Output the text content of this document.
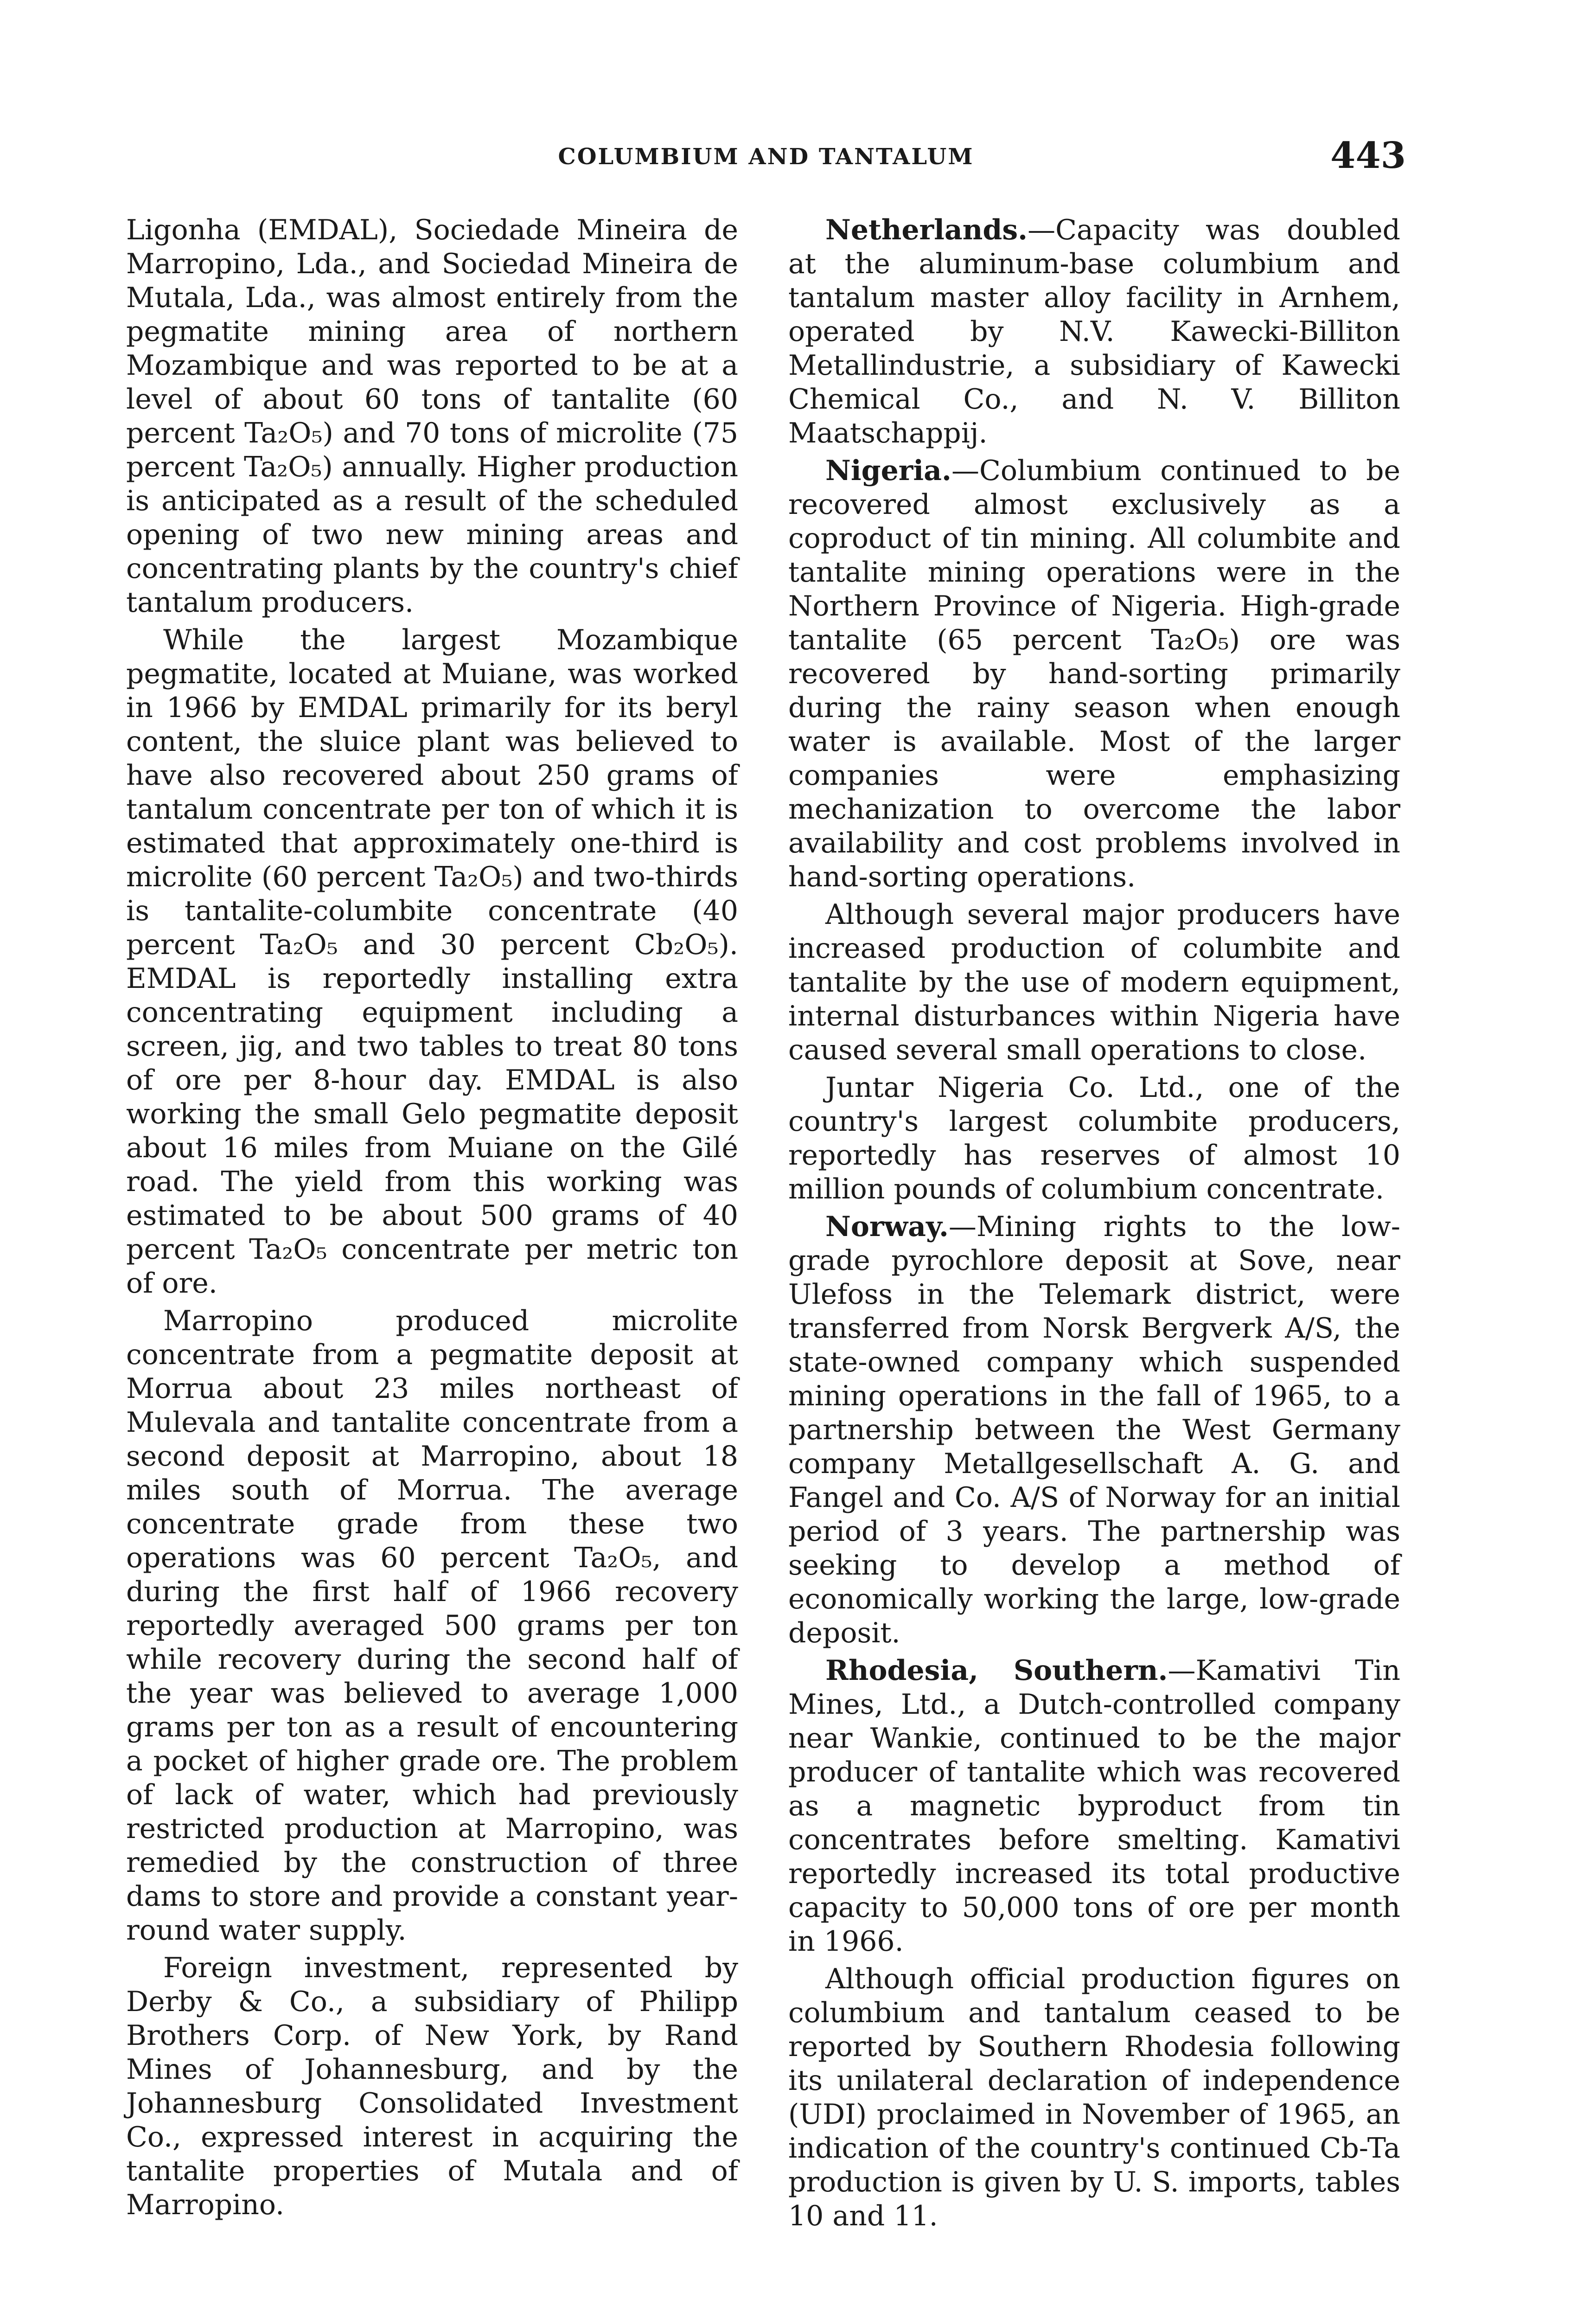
COLUMBIUM AND TANTALUM	443

Ligonha (EMDAL), Sociedade Mineira de Marropino, Lda., and Sociedad Mineira de Mutala, Lda., was almost entirely from the pegmatite mining area of northern Mozambique and was reported to be at a level of about 60 tons of tantalite (60 percent Ta₂O₅) and 70 tons of microlite (75 percent Ta₂O₅) annually. Higher production is anticipated as a result of the scheduled opening of two new mining areas and concentrating plants by the country's chief tantalum producers.

While the largest Mozambique pegmatite, located at Muiane, was worked in 1966 by EMDAL primarily for its beryl content, the sluice plant was believed to have also recovered about 250 grams of tantalum concentrate per ton of which it is estimated that approximately one-third is microlite (60 percent Ta₂O₅) and two-thirds is tantalite-columbite concentrate (40 percent Ta₂O₅ and 30 percent Cb₂O₅). EMDAL is reportedly installing extra concentrating equipment including a screen, jig, and two tables to treat 80 tons of ore per 8-hour day. EMDAL is also working the small Gelo pegmatite deposit about 16 miles from Muiane on the Gilé road. The yield from this working was estimated to be about 500 grams of 40 percent Ta₂O₅ concentrate per metric ton of ore.

Marropino produced microlite concentrate from a pegmatite deposit at Morrua about 23 miles northeast of Mulevala and tantalite concentrate from a second deposit at Marropino, about 18 miles south of Morrua. The average concentrate grade from these two operations was 60 percent Ta₂O₅, and during the first half of 1966 recovery reportedly averaged 500 grams per ton while recovery during the second half of the year was believed to average 1,000 grams per ton as a result of encountering a pocket of higher grade ore. The problem of lack of water, which had previously restricted production at Marropino, was remedied by the construction of three dams to store and provide a constant year-round water supply.

Foreign investment, represented by Derby & Co., a subsidiary of Philipp Brothers Corp. of New York, by Rand Mines of Johannesburg, and by the Johannesburg Consolidated Investment Co., expressed interest in acquiring the tantalite properties of Mutala and of Marropino.

Netherlands.—Capacity was doubled at the aluminum-base columbium and tantalum master alloy facility in Arnhem, operated by N.V. Kawecki-Billiton Metallindustrie, a subsidiary of Kawecki Chemical Co., and N. V. Billiton Maatschappij.

Nigeria.—Columbium continued to be recovered almost exclusively as a coproduct of tin mining. All columbite and tantalite mining operations were in the Northern Province of Nigeria. High-grade tantalite (65 percent Ta₂O₅) ore was recovered by hand-sorting primarily during the rainy season when enough water is available. Most of the larger companies were emphasizing mechanization to overcome the labor availability and cost problems involved in hand-sorting operations.

Although several major producers have increased production of columbite and tantalite by the use of modern equipment, internal disturbances within Nigeria have caused several small operations to close.

Juntar Nigeria Co. Ltd., one of the country's largest columbite producers, reportedly has reserves of almost 10 million pounds of columbium concentrate.

Norway.—Mining rights to the low-grade pyrochlore deposit at Sove, near Ulefoss in the Telemark district, were transferred from Norsk Bergverk A/S, the state-owned company which suspended mining operations in the fall of 1965, to a partnership between the West Germany company Metallgesellschaft A. G. and Fangel and Co. A/S of Norway for an initial period of 3 years. The partnership was seeking to develop a method of economically working the large, low-grade deposit.

Rhodesia, Southern.—Kamativi Tin Mines, Ltd., a Dutch-controlled company near Wankie, continued to be the major producer of tantalite which was recovered as a magnetic byproduct from tin concentrates before smelting. Kamativi reportedly increased its total productive capacity to 50,000 tons of ore per month in 1966.

Although official production figures on columbium and tantalum ceased to be reported by Southern Rhodesia following its unilateral declaration of independence (UDI) proclaimed in November of 1965, an indication of the country's continued Cb-Ta production is given by U. S. imports, tables 10 and 11.
